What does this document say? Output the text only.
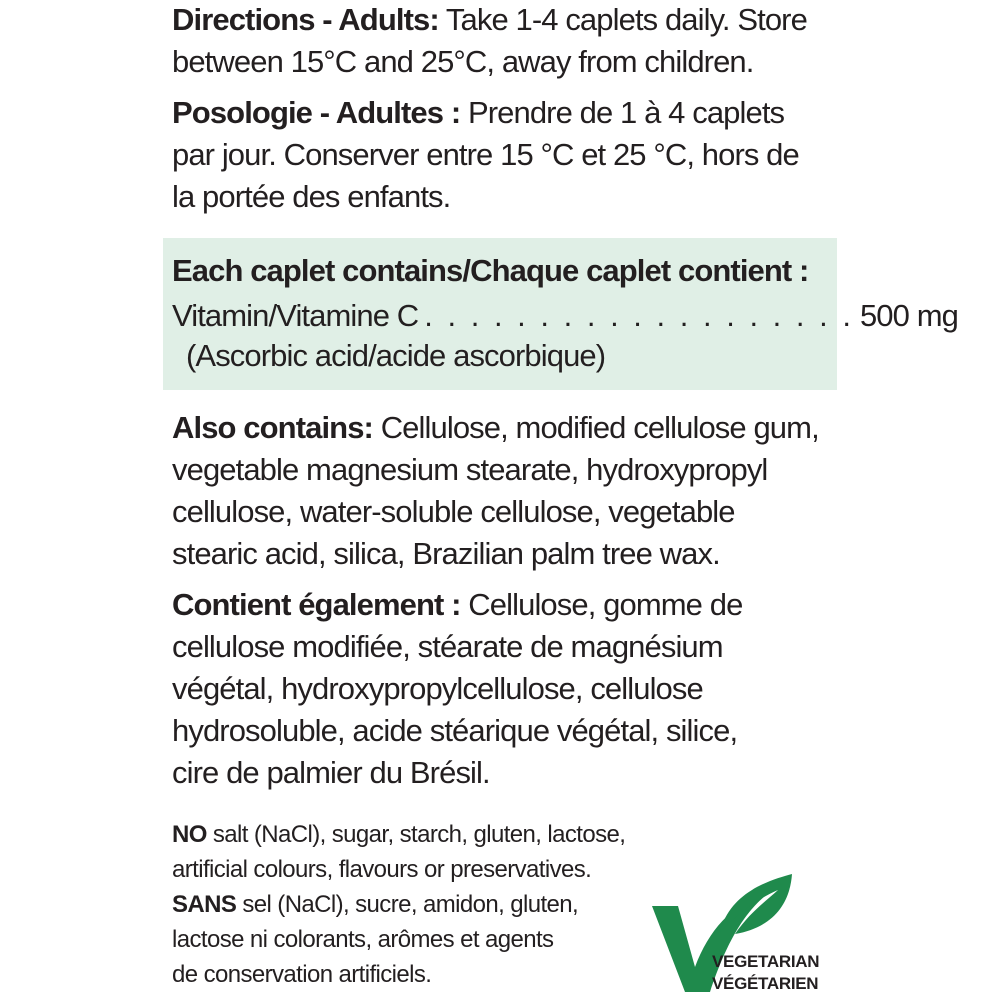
Directions - Adults: Take 1-4 caplets daily. Store
between 15°C and 25°C, away from children.
Posologie - Adultes : Prendre de 1 à 4 caplets
par jour. Conserver entre 15 °C et 25 °C, hors de
la portée des enfants.
Each caplet contains/Chaque caplet contient :
Vitamin/Vitamine C . . . . . . . . . . . . . . . . . . . 500 mg
(Ascorbic acid/acide ascorbique)
Also contains: Cellulose, modified cellulose gum,
vegetable magnesium stearate, hydroxypropyl
cellulose, water-soluble cellulose, vegetable
stearic acid, silica, Brazilian palm tree wax.
Contient également : Cellulose, gomme de
cellulose modifiée, stéarate de magnésium
végétal, hydroxypropylcellulose, cellulose
hydrosoluble, acide stéarique végétal, silice,
cire de palmier du Brésil.
NO salt (NaCl), sugar, starch, gluten, lactose,
artificial colours, flavours or preservatives.
SANS sel (NaCl), sucre, amidon, gluten,
lactose ni colorants, arômes et agents
de conservation artificiels.	VEGETARIAN
VÉGÉTARIEN
